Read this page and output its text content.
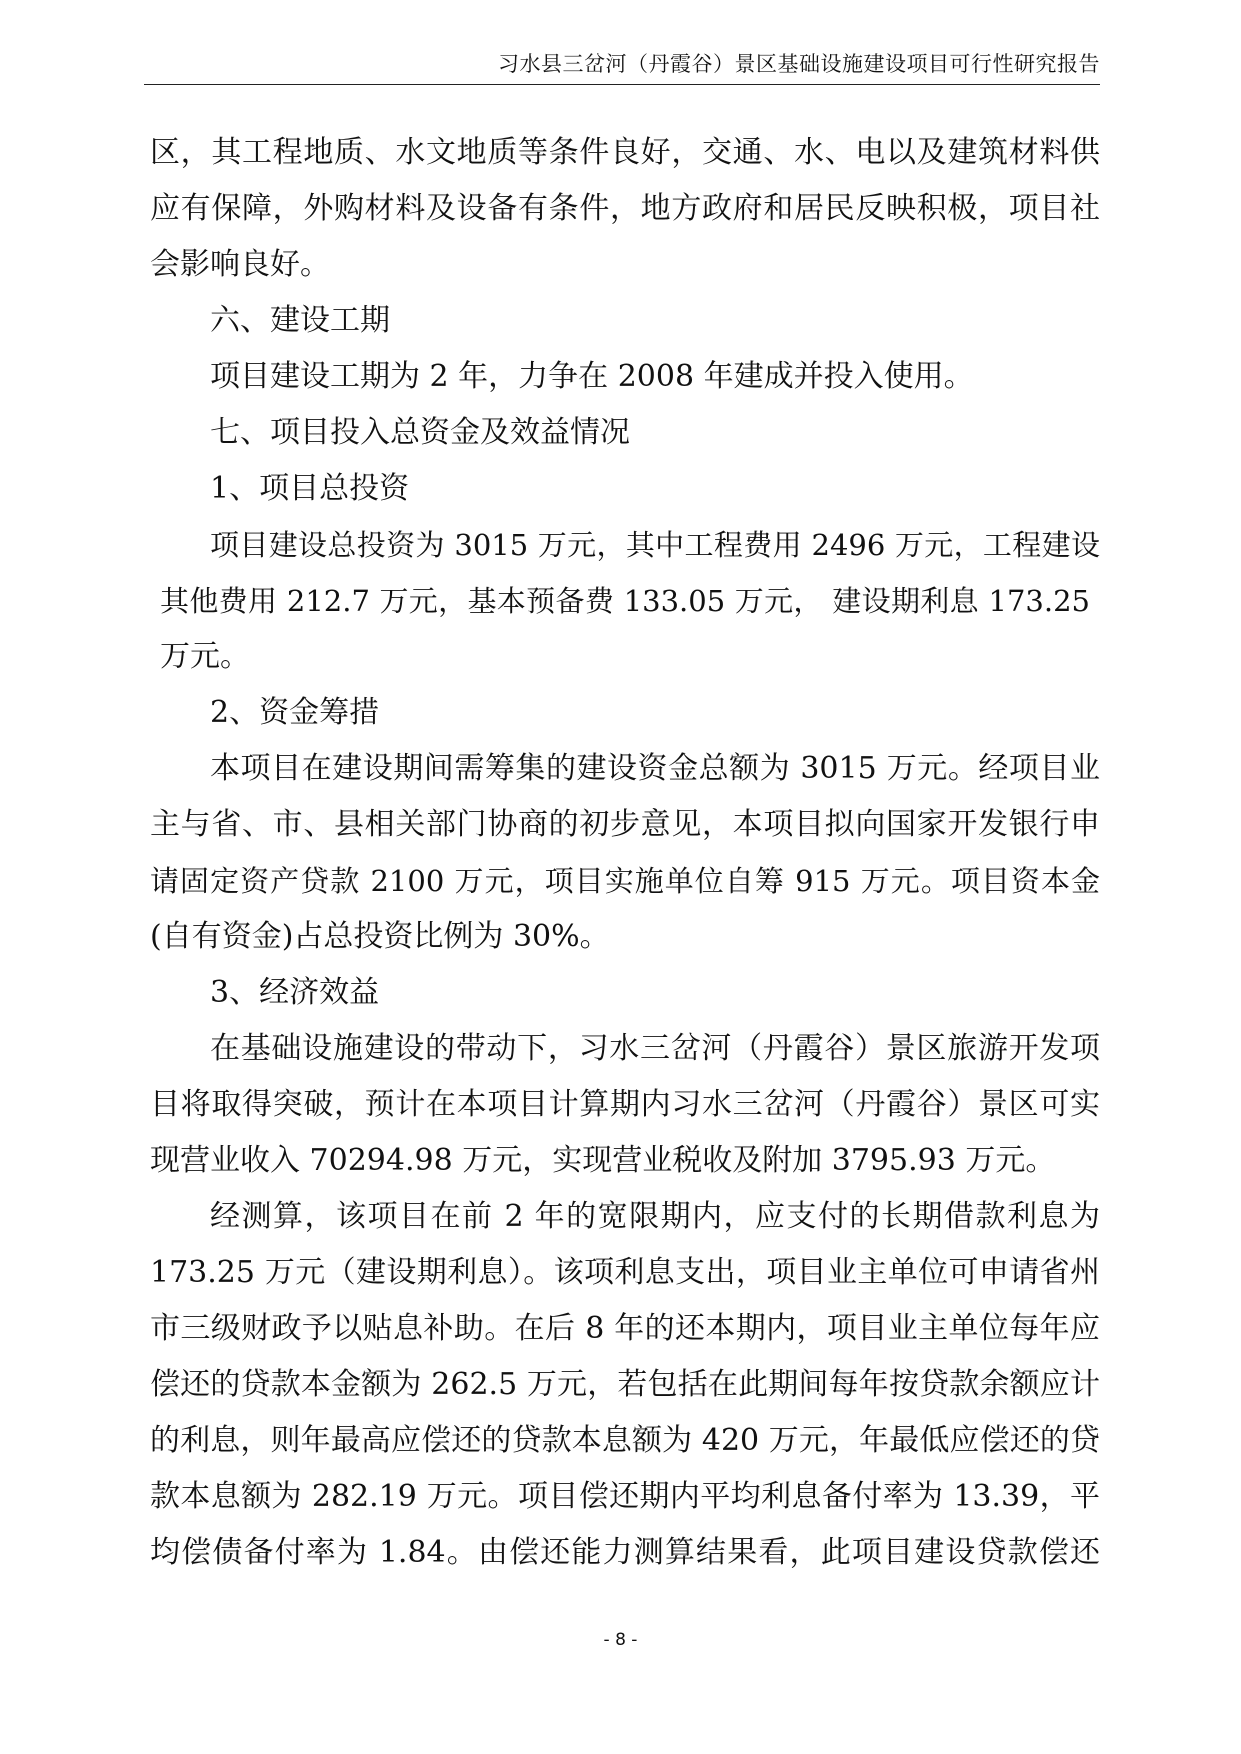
习水县三岔河（丹霞谷）景区基础设施建设项目可行性研究报告

区，其工程地质、水文地质等条件良好，交通、水、电以及建筑材料供

应有保障，外购材料及设备有条件，地方政府和居民反映积极，项目社

会影响良好。

六、建设工期

项目建设工期为 2 年，力争在 2008 年建成并投入使用。

七、项目投入总资金及效益情况

1、项目总投资

项目建设总投资为 3015 万元，其中工程费用 2496 万元，工程建设

其他费用 212.7 万元，基本预备费 133.05 万元， 建设期利息 173.25

万元。

2、资金筹措

本项目在建设期间需筹集的建设资金总额为 3015 万元。经项目业

主与省、市、县相关部门协商的初步意见，本项目拟向国家开发银行申

请固定资产贷款 2100 万元，项目实施单位自筹 915 万元。项目资本金

(自有资金)占总投资比例为 30%。

3、经济效益

在基础设施建设的带动下，习水三岔河（丹霞谷）景区旅游开发项

目将取得突破，预计在本项目计算期内习水三岔河（丹霞谷）景区可实

现营业收入 70294.98 万元，实现营业税收及附加 3795.93 万元。

经测算，该项目在前 2 年的宽限期内，应支付的长期借款利息为

173.25 万元（建设期利息）。该项利息支出，项目业主单位可申请省州

市三级财政予以贴息补助。在后 8 年的还本期内，项目业主单位每年应

偿还的贷款本金额为 262.5 万元，若包括在此期间每年按贷款余额应计

的利息，则年最高应偿还的贷款本息额为 420 万元，年最低应偿还的贷

款本息额为 282.19 万元。项目偿还期内平均利息备付率为 13.39，平

均偿债备付率为 1.84。由偿还能力测算结果看，此项目建设贷款偿还

- 8 -
